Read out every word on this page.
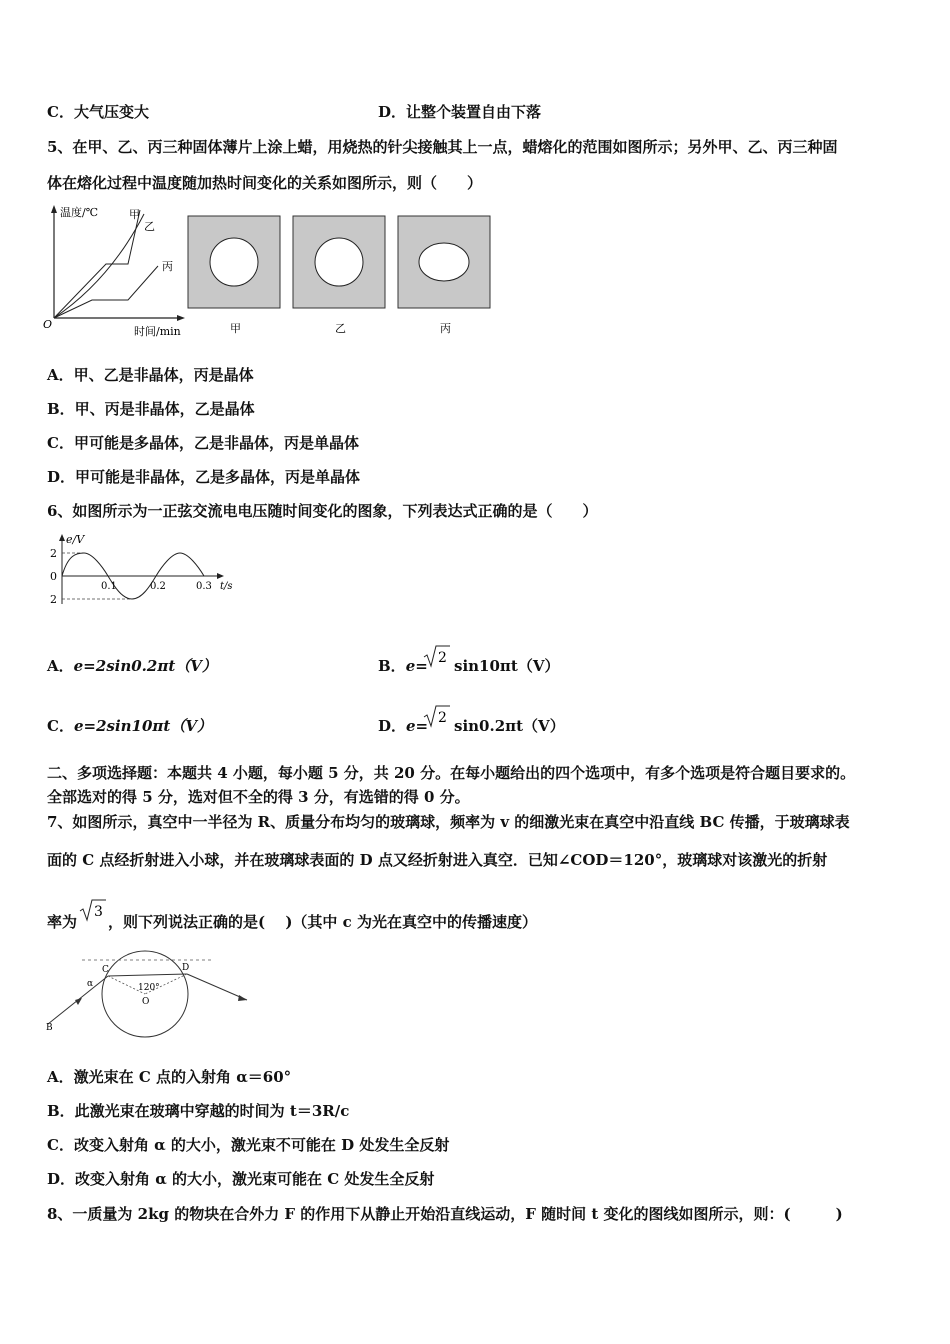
C．大气压变大	D．让整个装置自由下落
5、在甲、乙、丙三种固体薄片上涂上蜡，用烧热的针尖接触其上一点，蜡熔化的范围如图所示；另外甲、乙、丙三种固
体在熔化过程中温度随加热时间变化的关系如图所示，则（　　）
温度/℃
时间/min
O
甲
乙
丙
甲	乙	丙
A．甲、乙是非晶体，丙是晶体
B．甲、丙是非晶体，乙是晶体
C．甲可能是多晶体，乙是非晶体，丙是单晶体
D．甲可能是非晶体，乙是多晶体，丙是单晶体
6、如图所示为一正弦交流电电压随时间变化的图象，下列表达式正确的是（　　）
2
0
2
e/V
0.1	0.2	0.3 t/s
A．e=2sin0.2πt（V）	B．e= 2 sin10πt（V）
C．e=2sin10πt（V）	D．e= 2 sin0.2πt（V）
二、多项选择题：本题共 4 小题，每小题 5 分，共 20 分。在每小题给出的四个选项中，有多个选项是符合题目要求的。
全部选对的得 5 分，选对但不全的得 3 分，有选错的得 0 分。
7、如图所示，真空中一半径为 R、质量分布均匀的玻璃球，频率为 v 的细激光束在真空中沿直线 BC 传播，于玻璃球表
面的 C 点经折射进入小球，并在玻璃球表面的 D 点又经折射进入真空．已知∠COD＝120°，玻璃球对该激光的折射
率为
3
，则下列说法正确的是(　 )（其中 c 为光在真空中的传播速度）
α
C	D
120°
O
B
A．激光束在 C 点的入射角 α＝60°
B．此激光束在玻璃中穿越的时间为 t＝3R/c
C．改变入射角 α 的大小，激光束不可能在 D 处发生全反射
D．改变入射角 α 的大小，激光束可能在 C 处发生全反射
8、一质量为 2kg 的物块在合外力 F 的作用下从静止开始沿直线运动，F 随时间 t 变化的图线如图所示，则：(　　　)
